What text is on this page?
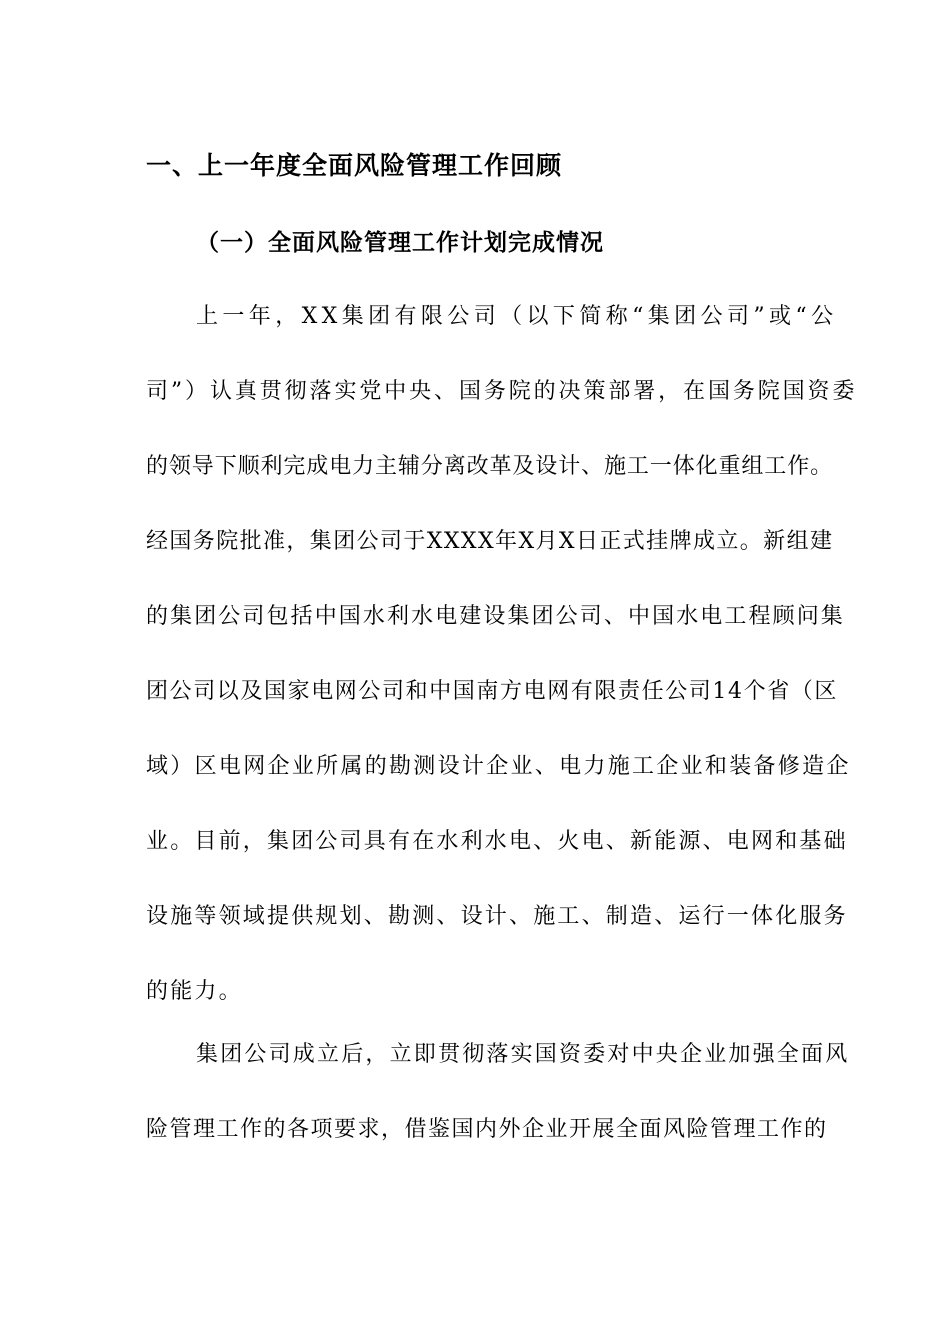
一、上一年度全面风险管理工作回顾
（一）全面风险管理工作计划完成情况
上一年，XX集团有限公司（以下简称“集团公司”或“公
司”）认真贯彻落实党中央、国务院的决策部署，在国务院国资委
的领导下顺利完成电力主辅分离改革及设计、施工一体化重组工作。
经国务院批准，集团公司于XXXX年X月X日正式挂牌成立。新组建
的集团公司包括中国水利水电建设集团公司、中国水电工程顾问集
团公司以及国家电网公司和中国南方电网有限责任公司14个省（区
域）区电网企业所属的勘测设计企业、电力施工企业和装备修造企
业。目前，集团公司具有在水利水电、火电、新能源、电网和基础
设施等领域提供规划、勘测、设计、施工、制造、运行一体化服务
的能力。
集团公司成立后，立即贯彻落实国资委对中央企业加强全面风
险管理工作的各项要求，借鉴国内外企业开展全面风险管理工作的
